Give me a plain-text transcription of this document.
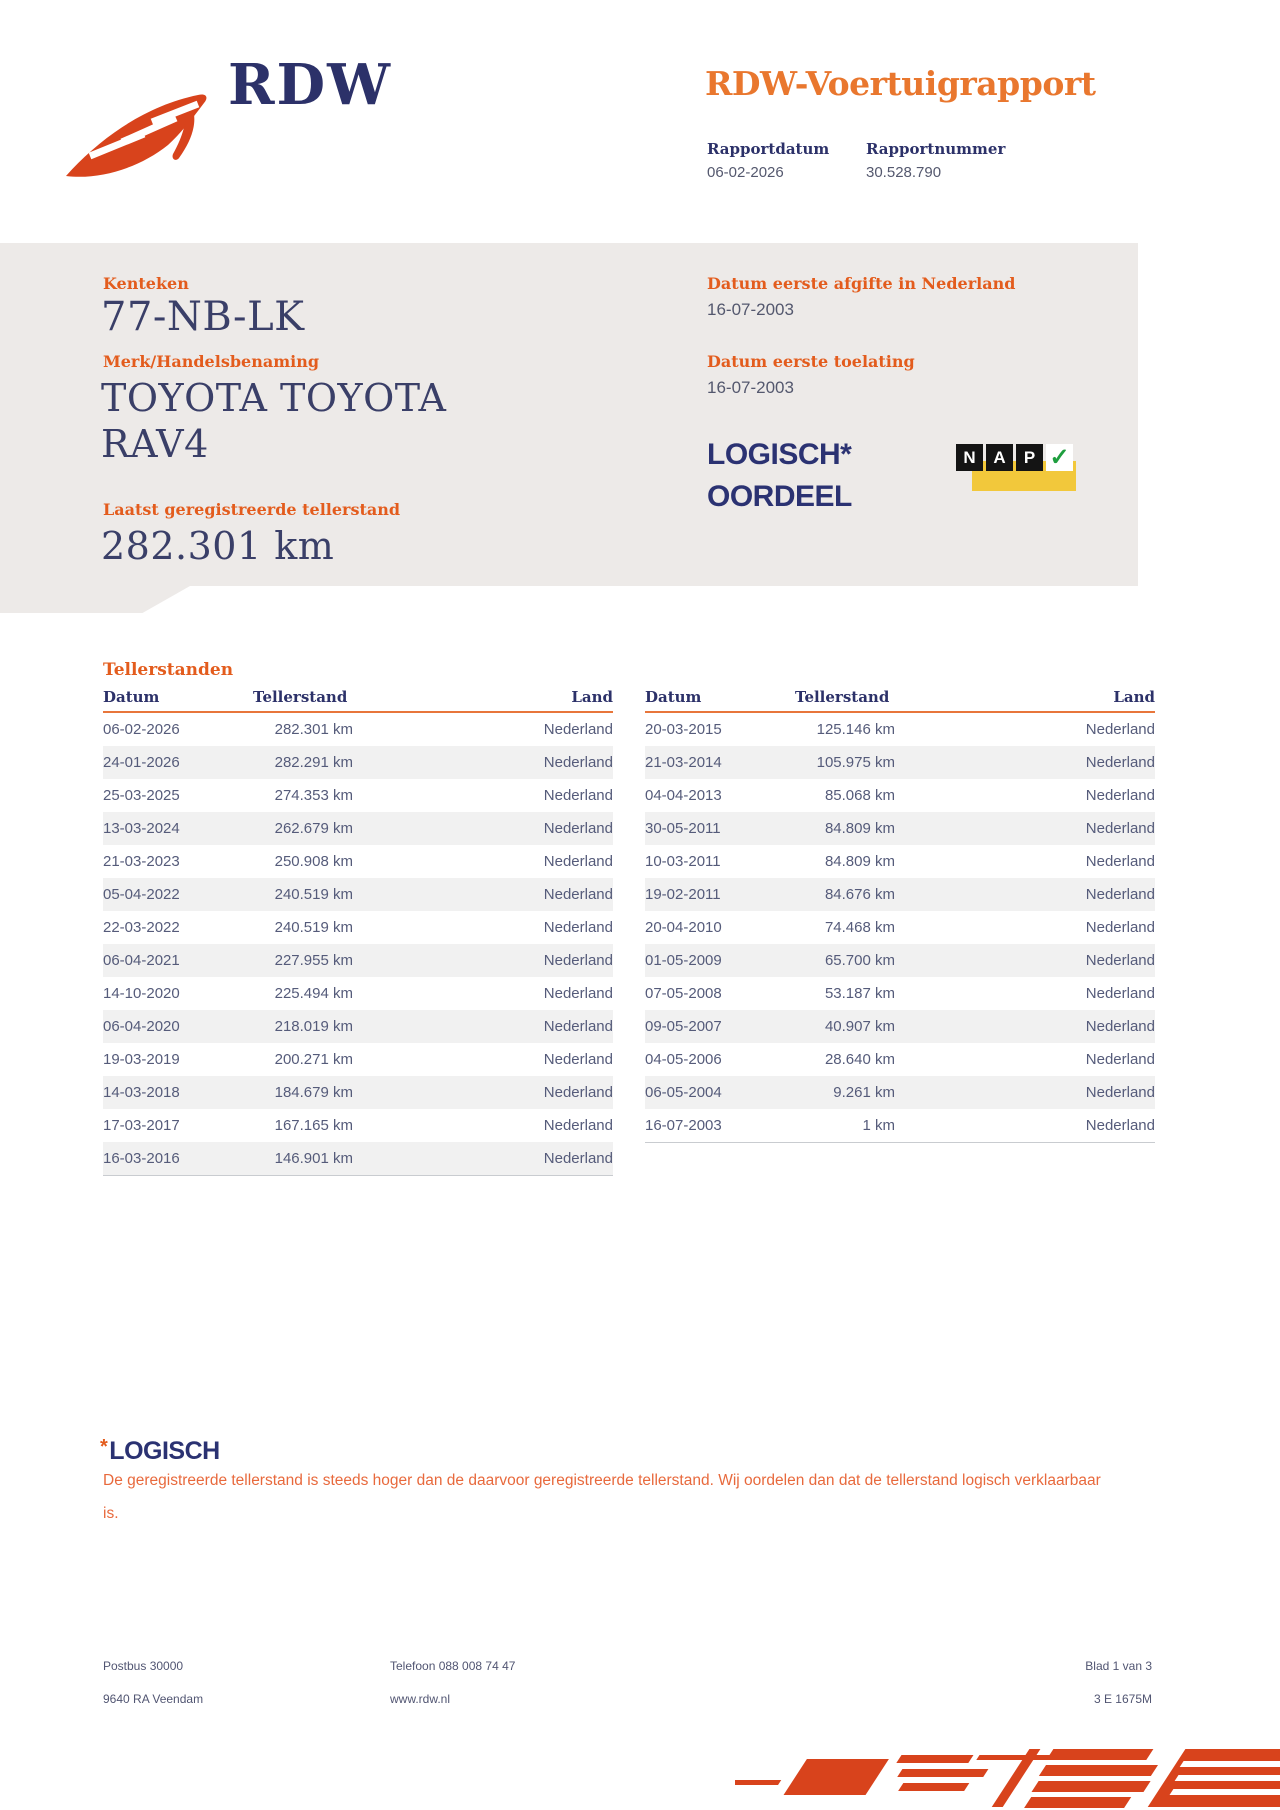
RDW	RDW-Voertuigrapport
Rapportdatum Rapportnummer
06-02-2026	30.528.790
Kenteken
77-NB-LK
Merk/Handelsbenaming
TOYOTA TOYOTA
RAV4
Laatst geregistreerde tellerstand
282.301 km
Datum eerste afgifte in Nederland
16-07-2003
Datum eerste toelating
16-07-2003
LOGISCH*
OORDEEL
N	A	P ✓
Tellerstanden
Datum	Tellerstand	Land
06-02-2026	282.301 km	Nederland
24-01-2026	282.291 km	Nederland
25-03-2025	274.353 km	Nederland
13-03-2024	262.679 km	Nederland
21-03-2023	250.908 km	Nederland
05-04-2022	240.519 km	Nederland
22-03-2022	240.519 km	Nederland
06-04-2021	227.955 km	Nederland
14-10-2020	225.494 km	Nederland
06-04-2020	218.019 km	Nederland
19-03-2019	200.271 km	Nederland
14-03-2018	184.679 km	Nederland
17-03-2017	167.165 km	Nederland
16-03-2016	146.901 km	Nederland
Datum	Tellerstand	Land
20-03-2015	125.146 km	Nederland
21-03-2014	105.975 km	Nederland
04-04-2013	85.068 km	Nederland
30-05-2011	84.809 km	Nederland
10-03-2011	84.809 km	Nederland
19-02-2011	84.676 km	Nederland
20-04-2010	74.468 km	Nederland
01-05-2009	65.700 km	Nederland
07-05-2008	53.187 km	Nederland
09-05-2007	40.907 km	Nederland
04-05-2006	28.640 km	Nederland
06-05-2004	9.261 km	Nederland
16-07-2003	1 km	Nederland
*LOGISCH
De geregistreerde tellerstand is steeds hoger dan de daarvoor geregistreerde tellerstand. Wij oordelen dan dat de tellerstand logisch verklaarbaar is.
Postbus 30000
9640 RA Veendam
Telefoon 088 008 74 47
www.rdw.nl
Blad 1 van 3
3 E 1675M
